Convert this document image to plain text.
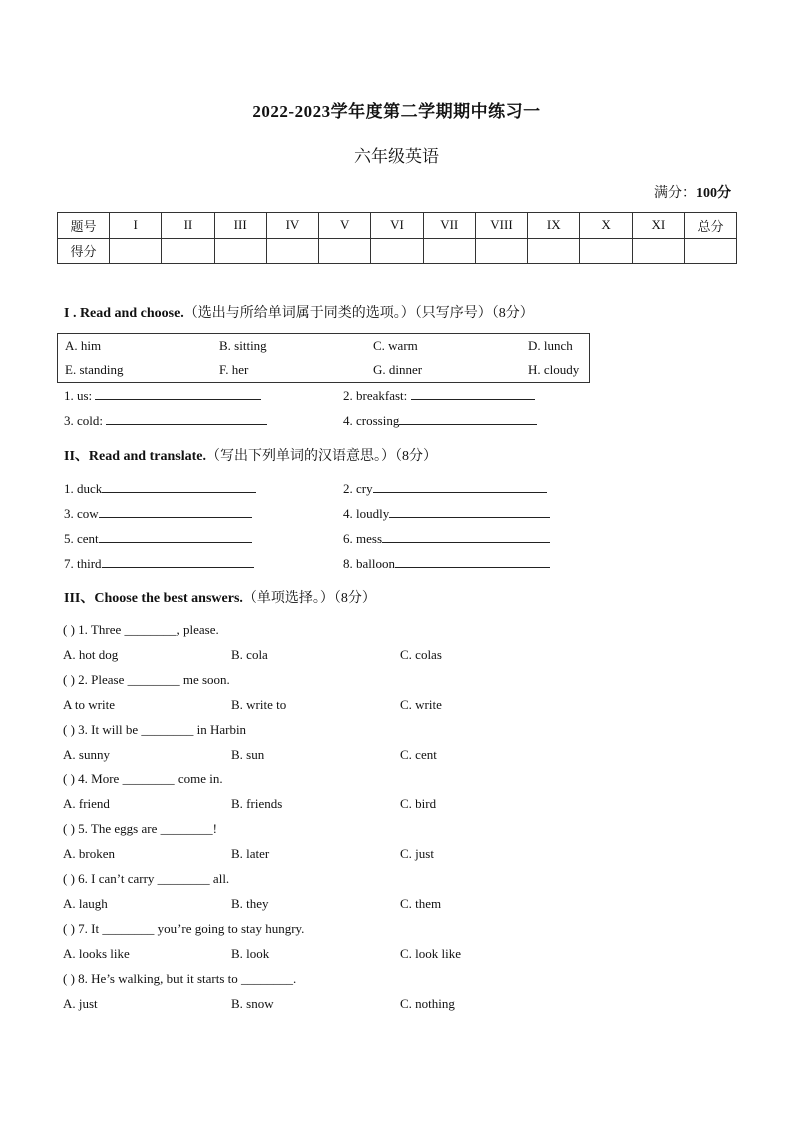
2022-2023学年度第二学期期中练习一
六年级英语
满分：100分
题号	I	II	III	IV	V	VI	VII	VIII	IX	X	XI	总分
得分												
I . Read and choose.（选出与所给单词属于同类的选项。）（只写序号）（8分）
A. him	B. sitting	C. warm	D. lunch
E. standing	F. her	G. dinner	H. cloudy
1. us:	2. breakfast:
3. cold:	4. crossing
II、Read and translate.（写出下列单词的汉语意思。）（8分）
1. duck	2. cry
3. cow	4. loudly
5. cent	6. mess
7. third	8. balloon
III、Choose the best answers.（单项选择。）（8分）
( ) 1. Three ________, please.
A. hot dog	B. cola	C. colas
( ) 2. Please ________ me soon.
A to write	B. write to	C. write
( ) 3. It will be ________ in Harbin
A. sunny	B. sun	C. cent
( ) 4. More ________ come in.
A. friend	B. friends	C. bird
( ) 5. The eggs are ________!
A. broken	B. later	C. just
( ) 6. I can’t carry ________ all.
A. laugh	B. they	C. them
( ) 7. It ________ you’re going to stay hungry.
A. looks like	B. look	C. look like
( ) 8. He’s walking, but it starts to ________.
A. just	B. snow	C. nothing
